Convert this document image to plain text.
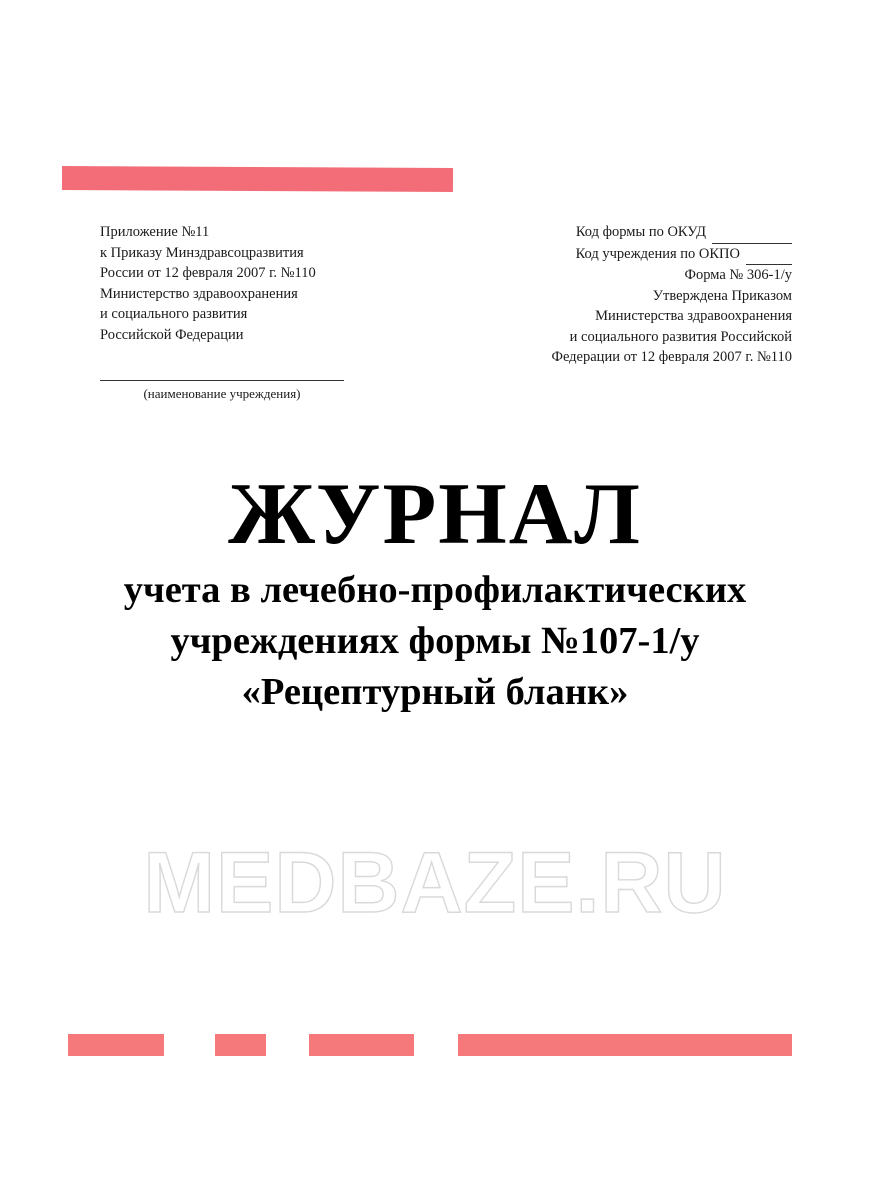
Приложение №11
к Приказу Минздравсоцразвития
России от 12 февраля 2007 г. №110
Министерство здравоохранения
и социального развития
Российской Федерации
(наименование учреждения)
Код формы по ОКУД
Код учреждения по ОКПО
Форма № 306-1/у
Утверждена Приказом
Министерства здравоохранения
и социального развития Российской
Федерации от 12 февраля 2007 г. №110
ЖУРНАЛ
учета в лечебно-профилактических
учреждениях формы №107-1/у
«Рецептурный бланк»
MEDBAZE.RU
